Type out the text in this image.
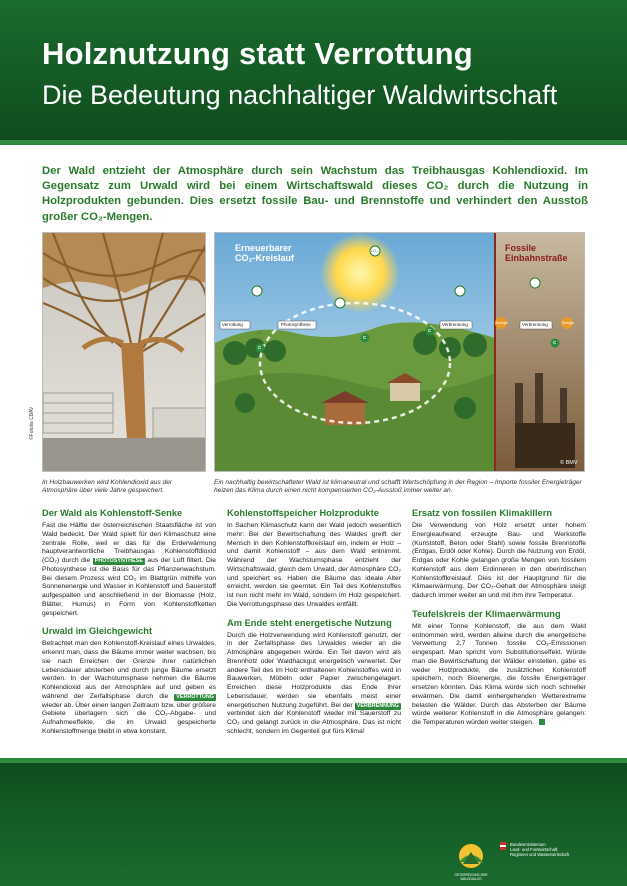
Holznutzung statt Verrottung
Die Bedeutung nachhaltiger Waldwirtschaft
Der Wald entzieht der Atmosphäre durch sein Wachstum das Treibhausgas Kohlendioxid. Im Gegensatz zum Urwald wird bei einem Wirtschaftswald dieses CO₂ durch die Nutzung in Holzprodukten gebunden. Dies ersetzt fossile Bau- und Brennstoffe und verhindert den Ausstoß großer CO₂-Mengen.
©Fotolia CBAV
In Holzbauwerken wird Kohlendioxid aus der Atmosphäre über viele Jahre gespeichert.
Erneuerbarer
CO₂-Kreislauf
Fossile
Einbahnstraße
Verrottung	Photosynthese	Verbrennung	Verbrennung
Energie	Energie
CO₂
O₂
C
C
C
C
© BMV
Ein nachhaltig bewirtschafteter Wald ist klimaneutral und schafft Wertschöpfung in der Region – Importe fossiler Energieträger heizen das Klima durch einen nicht kompensierten CO₂-Ausstoß immer weiter an.
Der Wald als Kohlenstoff-Senke

Fast die Hälfte der österreichischen Staatsfläche ist von Wald bedeckt. Der Wald spielt für den Klimaschutz eine zentrale Rolle, weil er das für die Erderwärmung hauptverantwortliche Treibhausgas Kohlenstoffdioxid (CO₂) durch die PHOTOSYNTHESE aus der Luft filtert. Die Photosynthese ist die Basis für das Pflanzenwachstum. Bei diesem Prozess wird CO₂ im Blattgrün mithilfe von Sonnenenergie und Wasser in Kohlenstoff und Sauerstoff aufgespalten und anschließend in der Biomasse (Holz, Blätter, Humus) in Form von Kohlenstoffketten gespeichert.

Urwald im Gleichgewicht

Betrachtet man den Kohlenstoff-Kreislauf eines Urwaldes, erkennt man, dass die Bäume immer weiter wachsen, bis sie nach Erreichen der Grenze ihrer natürlichen Lebensdauer absterben und durch junge Bäume ersetzt werden. In der Wachstumsphase nehmen die Bäume Kohlendioxid aus der Atmosphäre auf und geben es während der Zerfallsphase durch die VERROTTUNG wieder ab. Über einen langen Zeitraum bzw. über größere Gebiete überlagern sich die CO₂-Abgabe- und Aufnahmeeffekte, die im Urwald gespeicherte Kohlenstoffmenge bleibt in etwa konstant.

Kohlenstoffspeicher Holzprodukte

In Sachen Klimaschutz kann der Wald jedoch wesentlich mehr: Bei der Bewirtschaftung des Waldes greift der Mensch in den Kohlenstoffkreislauf ein, indem er Holz – und damit Kohlenstoff – aus dem Wald entnimmt. Während der Wachstumsphase entzieht der Wirtschaftswald, gleich dem Urwald, der Atmosphäre CO₂ und speichert es. Haben die Bäume das ideale Alter erreicht, werden sie geerntet. Ein Teil des Kohlenstoffes ist nun nicht mehr im Wald, sondern im Holz gespeichert. Die Verrottungsphase des Urwaldes entfällt.

Am Ende steht energetische Nutzung

Durch die Holzverwendung wird Kohlenstoff genutzt, der in der Zerfallsphase des Urwaldes wieder an die Atmosphäre abgegeben würde. Ein Teil davon wird als Brennholz oder Waldhackgut energetisch verwertet. Der andere Teil des im Holz enthaltenen Kohlenstoffes wird in Bauwerken, Möbeln oder Papier zwischengelagert. Erreichen diese Holzprodukte das Ende ihrer Lebensdauer, werden sie ebenfalls meist einer energetischen Nutzung zugeführt. Bei der VERBRENNUNG verbindet sich der Kohlenstoff wieder mit Sauerstoff zu CO₂ und gelangt zurück in die Atmosphäre. Das ist nicht schlecht, sondern im Gegenteil gut fürs Klima!

Ersatz von fossilen Klimakillern

Die Verwendung von Holz ersetzt unter hohem Energieaufwand erzeugte Bau- und Werkstoffe (Kunststoff, Beton oder Stahl) sowie fossile Brennstoffe (Erdgas, Erdöl oder Kohle). Durch die Nutzung von Erdöl, Erdgas oder Kohle gelangen große Mengen von fossilem Kohlenstoff aus dem Erdinneren in den oberirdischen Kohlenstoffkreislauf. Dies ist der Hauptgrund für die Klimaerwärmung. Der CO₂-Gehalt der Atmosphäre steigt dadurch immer weiter an und mit ihm ihre Temperatur.

Teufelskreis der Klimaerwärmung

Mit einer Tonne Kohlenstoff, die aus dem Wald entnommen wird, werden alleine durch die energetische Verwertung 2,7 Tonnen fossile CO₂-Emissionen eingespart. Man spricht vom Substitutionseffekt. Würde man die Bewirtschaftung der Wälder einstellen, gäbe es weder Holzprodukte, die zusätzlichen Kohlenstoff speichern, noch Bioenergie, die fossile Energieträger ersetzen könnten. Das Klima würde sich noch schneller erwärmen. Die damit einhergehenden Wetterextreme belasten die Wälder. Durch das Absterben der Bäume würde weiterer Kohlenstoff in die Atmosphäre gelangen: die Temperaturen würden weiter steigen.

ÖSTERREICHISCHER WALDDIALOG
Bundesministerium
Land- und Forstwirtschaft,
Regionen und Wasserwirtschaft
